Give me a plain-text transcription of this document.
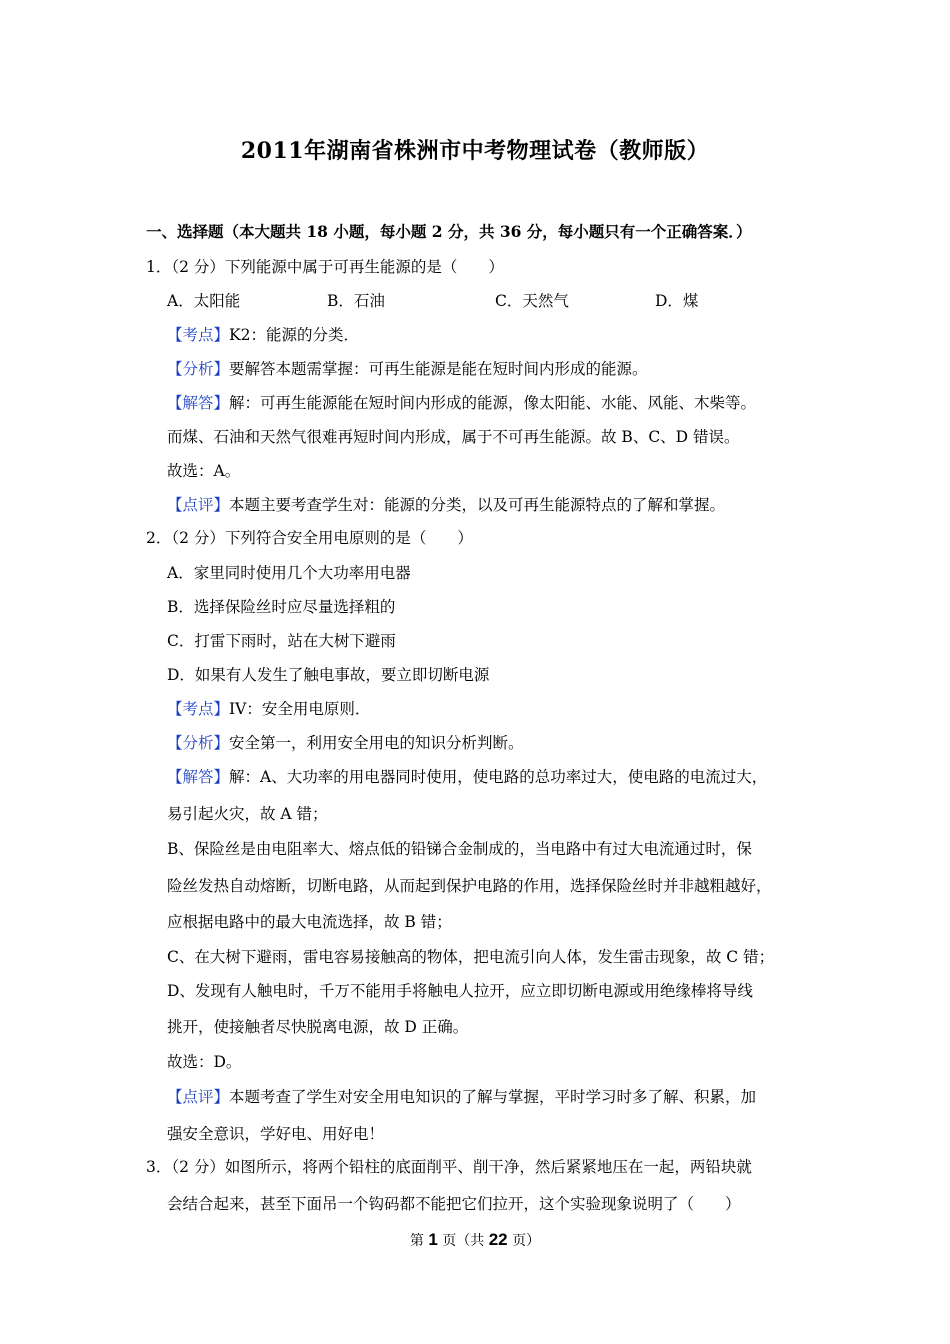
2011年湖南省株洲市中考物理试卷（教师版）
一、选择题（本大题共 18 小题，每小题 2 分，共 36 分，每小题只有一个正确答案．）
1．（2 分）下列能源中属于可再生能源的是（　　）
A．太阳能	B．石油	C．天然气	D．煤
【考点】K2：能源的分类．
【分析】要解答本题需掌握：可再生能源是能在短时间内形成的能源。
【解答】解：可再生能源能在短时间内形成的能源，像太阳能、水能、风能、木柴等。
而煤、石油和天然气很难再短时间内形成，属于不可再生能源。故 B、C、D 错误。
故选：A。
【点评】本题主要考查学生对：能源的分类，以及可再生能源特点的了解和掌握。
2．（2 分）下列符合安全用电原则的是（　　）
A．家里同时使用几个大功率用电器
B．选择保险丝时应尽量选择粗的
C．打雷下雨时，站在大树下避雨
D．如果有人发生了触电事故，要立即切断电源
【考点】IV：安全用电原则．
【分析】安全第一，利用安全用电的知识分析判断。
【解答】解：A、大功率的用电器同时使用，使电路的总功率过大，使电路的电流过大，
易引起火灾，故 A 错；
B、保险丝是由电阻率大、熔点低的铅锑合金制成的，当电路中有过大电流通过时，保
险丝发热自动熔断，切断电路，从而起到保护电路的作用，选择保险丝时并非越粗越好，
应根据电路中的最大电流选择，故 B 错；
C、在大树下避雨，雷电容易接触高的物体，把电流引向人体，发生雷击现象，故 C 错；
D、发现有人触电时，千万不能用手将触电人拉开，应立即切断电源或用绝缘棒将导线
挑开，使接触者尽快脱离电源，故 D 正确。
故选：D。
【点评】本题考查了学生对安全用电知识的了解与掌握，平时学习时多了解、积累，加
强安全意识，学好电、用好电！
3．（2 分）如图所示，将两个铅柱的底面削平、削干净，然后紧紧地压在一起，两铅块就
会结合起来，甚至下面吊一个钩码都不能把它们拉开，这个实验现象说明了（　　）
第 1 页（共 22 页）
